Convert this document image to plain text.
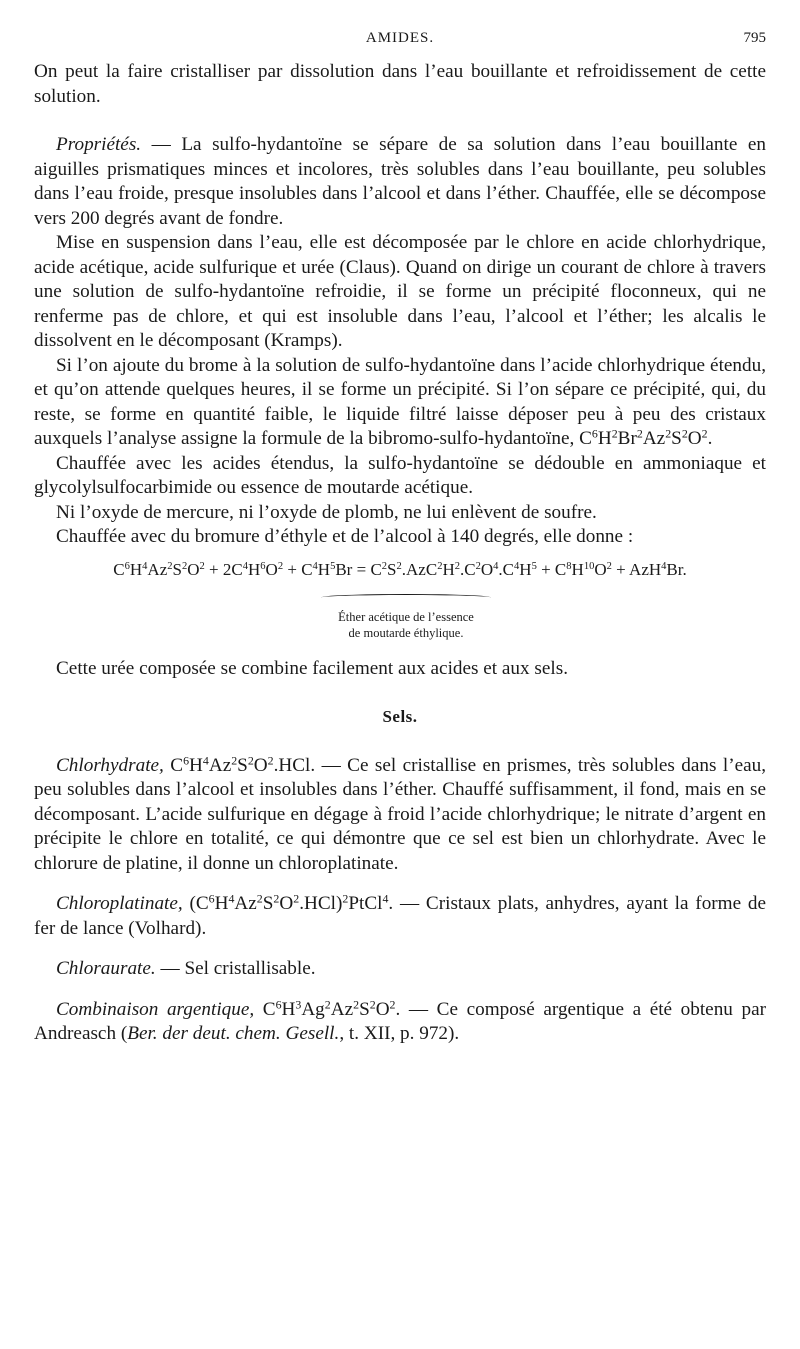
AMIDES.	795

On peut la faire cristalliser par dissolution dans l’eau bouillante et refroidissement de cette solution.

Propriétés. — La sulfo-hydantoïne se sépare de sa solution dans l’eau bouillante en aiguilles prismatiques minces et incolores, très solubles dans l’eau bouillante, peu solubles dans l’eau froide, presque insolubles dans l’alcool et dans l’éther. Chauffée, elle se décompose vers 200 degrés avant de fondre.

Mise en suspension dans l’eau, elle est décomposée par le chlore en acide chlorhydrique, acide acétique, acide sulfurique et urée (Claus). Quand on dirige un courant de chlore à travers une solution de sulfo-hydantoïne refroidie, il se forme un précipité floconneux, qui ne renferme pas de chlore, et qui est insoluble dans l’eau, l’alcool et l’éther; les alcalis le dissolvent en le décomposant (Kramps).

Si l’on ajoute du brome à la solution de sulfo-hydantoïne dans l’acide chlorhydrique étendu, et qu’on attende quelques heures, il se forme un précipité. Si l’on sépare ce précipité, qui, du reste, se forme en quantité faible, le liquide filtré laisse déposer peu à peu des cristaux auxquels l’analyse assigne la formule de la bibromo-sulfo-hydantoïne, $C^6H^2Br^2Az^2S^2O^2$.

Chauffée avec les acides étendus, la sulfo-hydantoïne se dédouble en ammoniaque et glycolylsulfocarbimide ou essence de moutarde acétique.

Ni l’oxyde de mercure, ni l’oxyde de plomb, ne lui enlèvent de soufre.

Chauffée avec du bromure d’éthyle et de l’alcool à 140 degrés, elle donne :

$C^6H^4Az^2S^2O^2 + 2C^4H^6O^2 + C^4H^5Br = C^2S^2.AzC^2H^2.C^2O^4.C^4H^5 + C^8H^{10}O^2 + AzH^4Br$.

Éther acétique de l’essence
de moutarde éthylique.

Cette urée composée se combine facilement aux acides et aux sels.

Sels.

Chlorhydrate, $C^6H^4Az^2S^2O^2.HCl$. — Ce sel cristallise en prismes, très solubles dans l’eau, peu solubles dans l’alcool et insolubles dans l’éther. Chauffé suffisamment, il fond, mais en se décomposant. L’acide sulfurique en dégage à froid l’acide chlorhydrique; le nitrate d’argent en précipite le chlore en totalité, ce qui démontre que ce sel est bien un chlorhydrate. Avec le chlorure de platine, il donne un chloroplatinate.

Chloroplatinate, $(C^6H^4Az^2S^2O^2.HCl)^2PtCl^4$. — Cristaux plats, anhydres, ayant la forme de fer de lance (Volhard).

Chloraurate. — Sel cristallisable.

Combinaison argentique, $C^6H^3Ag^2Az^2S^2O^2$. — Ce composé argentique a été obtenu par Andreasch (Ber. der deut. chem. Gesell., t. XII, p. 972).
